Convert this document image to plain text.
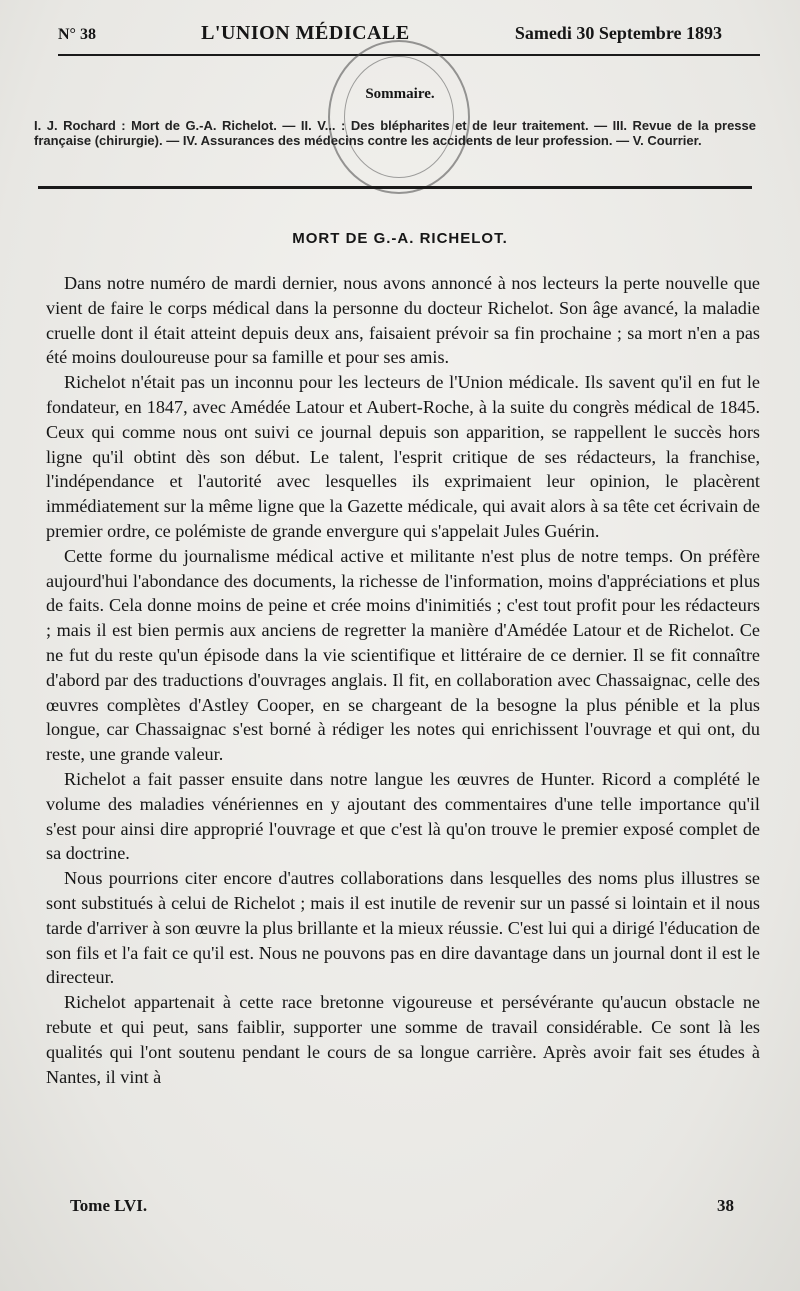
N° 38	L'UNION MÉDICALE	Samedi 30 Septembre 1893
Sommaire.
I. J. Rochard : Mort de G.-A. Richelot. — II. V... : Des blépharites et de leur traitement. — III. Revue de la presse française (chirurgie). — IV. Assurances des médecins contre les accidents de leur profession. — V. Courrier.
MORT DE G.-A. RICHELOT.

Dans notre numéro de mardi dernier, nous avons annoncé à nos lecteurs la perte nouvelle que vient de faire le corps médical dans la personne du docteur Richelot. Son âge avancé, la maladie cruelle dont il était atteint depuis deux ans, faisaient prévoir sa fin prochaine ; sa mort n'en a pas été moins douloureuse pour sa famille et pour ses amis.

Richelot n'était pas un inconnu pour les lecteurs de l'Union médicale. Ils savent qu'il en fut le fondateur, en 1847, avec Amédée Latour et Aubert-Roche, à la suite du congrès médical de 1845. Ceux qui comme nous ont suivi ce journal depuis son apparition, se rappellent le succès hors ligne qu'il obtint dès son début. Le talent, l'esprit critique de ses rédacteurs, la franchise, l'indépendance et l'autorité avec lesquelles ils exprimaient leur opinion, le placèrent immédiatement sur la même ligne que la Gazette médicale, qui avait alors à sa tête cet écrivain de premier ordre, ce polémiste de grande envergure qui s'appelait Jules Guérin.

Cette forme du journalisme médical active et militante n'est plus de notre temps. On préfère aujourd'hui l'abondance des documents, la richesse de l'information, moins d'appréciations et plus de faits. Cela donne moins de peine et crée moins d'inimitiés ; c'est tout profit pour les rédacteurs ; mais il est bien permis aux anciens de regretter la manière d'Amédée Latour et de Richelot. Ce ne fut du reste qu'un épisode dans la vie scientifique et littéraire de ce dernier. Il se fit connaître d'abord par des traductions d'ouvrages anglais. Il fit, en collaboration avec Chassaignac, celle des œuvres complètes d'Astley Cooper, en se chargeant de la besogne la plus pénible et la plus longue, car Chassaignac s'est borné à rédiger les notes qui enrichissent l'ouvrage et qui ont, du reste, une grande valeur.

Richelot a fait passer ensuite dans notre langue les œuvres de Hunter. Ricord a complété le volume des maladies vénériennes en y ajoutant des commentaires d'une telle importance qu'il s'est pour ainsi dire approprié l'ouvrage et que c'est là qu'on trouve le premier exposé complet de sa doctrine.

Nous pourrions citer encore d'autres collaborations dans lesquelles des noms plus illustres se sont substitués à celui de Richelot ; mais il est inutile de revenir sur un passé si lointain et il nous tarde d'arriver à son œuvre la plus brillante et la mieux réussie. C'est lui qui a dirigé l'éducation de son fils et l'a fait ce qu'il est. Nous ne pouvons pas en dire davantage dans un journal dont il est le directeur.

Richelot appartenait à cette race bretonne vigoureuse et persévérante qu'aucun obstacle ne rebute et qui peut, sans faiblir, supporter une somme de travail considérable. Ce sont là les qualités qui l'ont soutenu pendant le cours de sa longue carrière. Après avoir fait ses études à Nantes, il vint à

Tome LVI.	38
